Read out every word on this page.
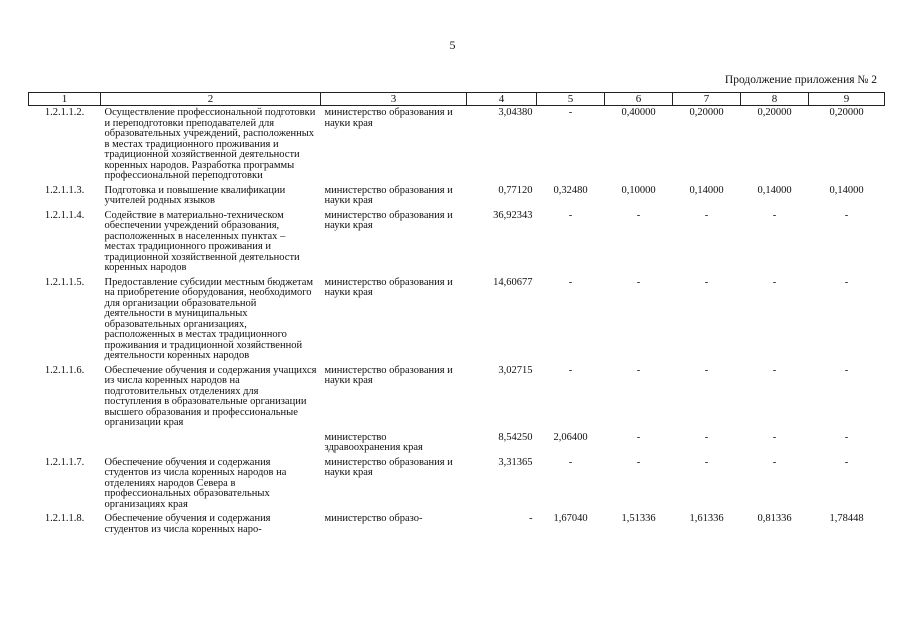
5
Продолжение приложения № 2
1	2	3	4	5	6	7	8	9
1.2.1.1.2.	Осуществление профессиональной подготовки и переподготовки преподавателей для образовательных учреждений, расположенных в местах традиционного проживания и традиционной хозяйственной деятельности коренных народов. Разработка программы профессиональной переподготовки	министерство образования и науки края	3,04380	-	0,40000	0,20000	0,20000	0,20000
1.2.1.1.3.	Подготовка и повышение квалификации учителей родных языков	министерство образования и науки края	0,77120	0,32480	0,10000	0,14000	0,14000	0,14000
1.2.1.1.4.	Содействие в материально-техническом обеспечении учреждений образования, расположенных в населенных пунктах – местах традиционного проживания и традиционной хозяйственной деятельности коренных народов	министерство образования и науки края	36,92343	-	-	-	-	-
1.2.1.1.5.	Предоставление субсидии местным бюджетам на приобретение оборудования, необходимого для организации образовательной деятельности в муниципальных образовательных организациях, расположенных в местах традиционного проживания и традиционной хозяйственной деятельности коренных народов	министерство образования и науки края	14,60677	-	-	-	-	-
1.2.1.1.6.	Обеспечение обучения и содержания учащихся из числа коренных народов на подготовительных отделениях для поступления в образовательные организации высшего образования и профессиональные организации края	министерство образования и науки края	3,02715	-	-	-	-	-
		министерство здравоохранения края	8,54250	2,06400	-	-	-	-
1.2.1.1.7.	Обеспечение обучения и содержания студентов из числа коренных народов на отделениях народов Севера в профессиональных образовательных организациях края	министерство образования и науки края	3,31365	-	-	-	-	-
1.2.1.1.8.	Обеспечение обучения и содержания студентов из числа коренных наро-	министерство образо-	-	1,67040	1,51336	1,61336	0,81336	1,78448
